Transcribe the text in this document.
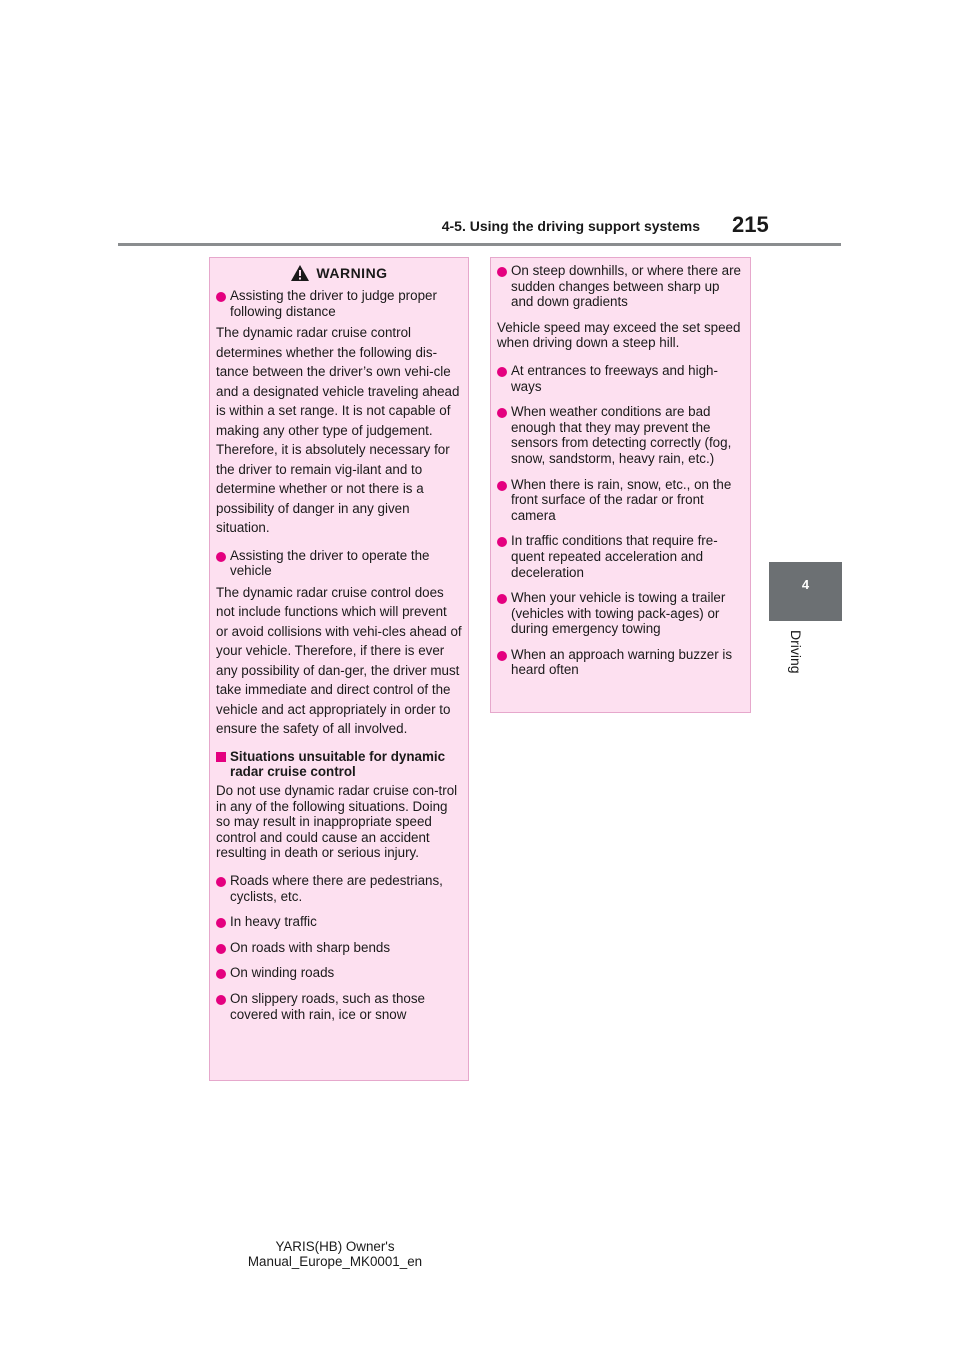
4-5. Using the driving support systems 215
4
Driving
WARNING
Assisting the driver to judge proper following distance
The dynamic radar cruise control determines whether the following dis-tance between the driver’s own vehi-cle and a designated vehicle traveling ahead is within a set range. It is not capable of making any other type of judgement. Therefore, it is absolutely necessary for the driver to remain vig-ilant and to determine whether or not there is a possibility of danger in any given situation.
Assisting the driver to operate the vehicle
The dynamic radar cruise control does not include functions which will prevent or avoid collisions with vehi-cles ahead of your vehicle. Therefore, if there is ever any possibility of dan-ger, the driver must take immediate and direct control of the vehicle and act appropriately in order to ensure the safety of all involved.
Situations unsuitable for dynamic radar cruise control
Do not use dynamic radar cruise con-trol in any of the following situations. Doing so may result in inappropriate speed control and could cause an accident resulting in death or serious injury.
Roads where there are pedestrians, cyclists, etc.
In heavy traffic
On roads with sharp bends
On winding roads
On slippery roads, such as those covered with rain, ice or snow
On steep downhills, or where there are sudden changes between sharp up and down gradients
Vehicle speed may exceed the set speed when driving down a steep hill.
At entrances to freeways and high-ways
When weather conditions are bad enough that they may prevent the sensors from detecting correctly (fog, snow, sandstorm, heavy rain, etc.)
When there is rain, snow, etc., on the front surface of the radar or front camera
In traffic conditions that require fre-quent repeated acceleration and deceleration
When your vehicle is towing a trailer (vehicles with towing pack-ages) or during emergency towing
When an approach warning buzzer is heard often
YARIS(HB) Owner's Manual_Europe_MK0001_en
